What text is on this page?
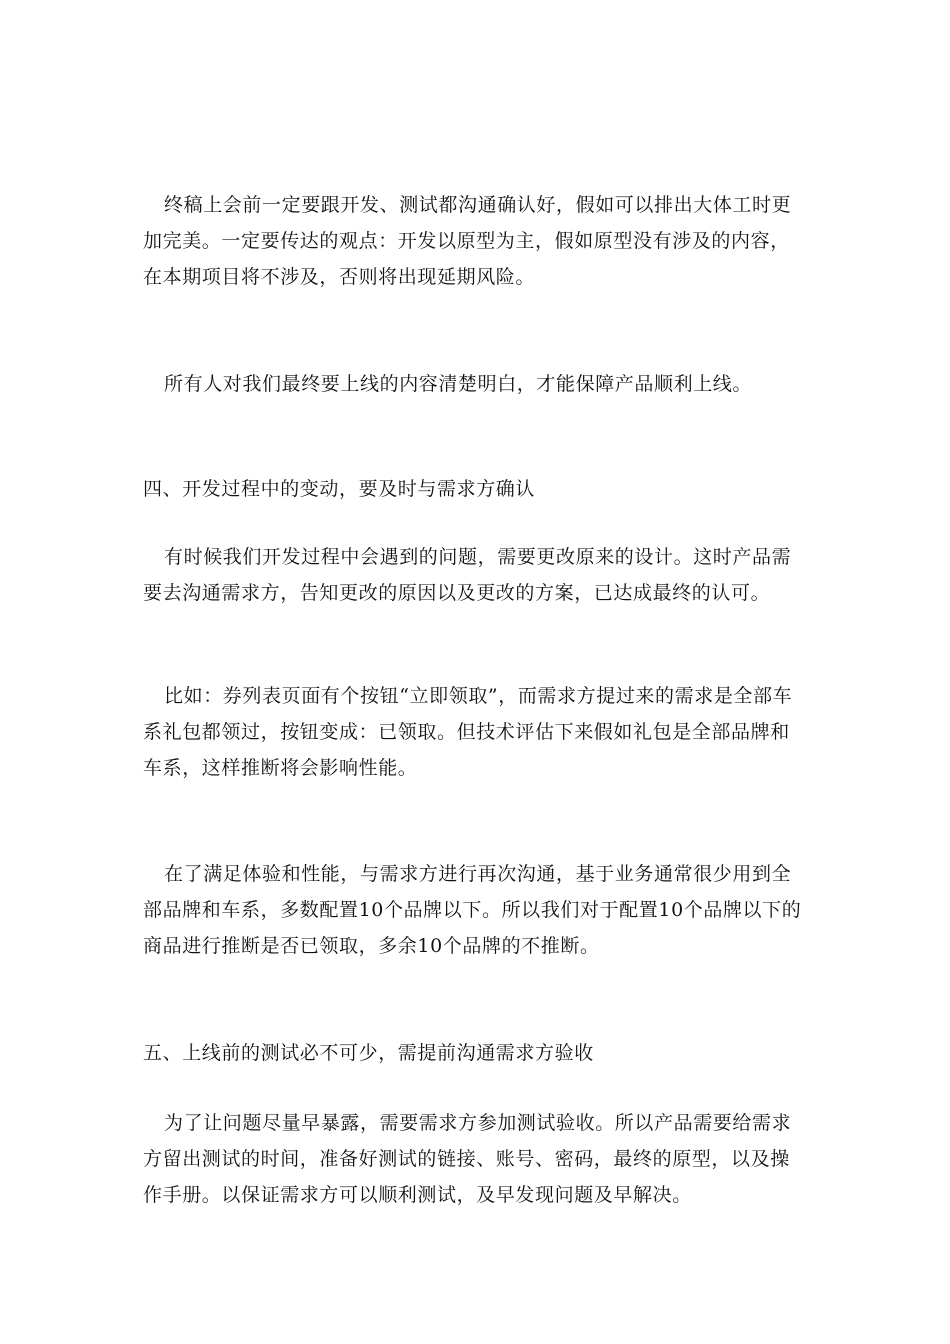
终稿上会前一定要跟开发、测试都沟通确认好，假如可以排出大体工时更加完美。一定要传达的观点：开发以原型为主，假如原型没有涉及的内容，在本期项目将不涉及，否则将出现延期风险。

所有人对我们最终要上线的内容清楚明白，才能保障产品顺利上线。

四、开发过程中的变动，要及时与需求方确认

有时候我们开发过程中会遇到的问题，需要更改原来的设计。这时产品需要去沟通需求方，告知更改的原因以及更改的方案，已达成最终的认可。

比如：券列表页面有个按钮“立即领取”，而需求方提过来的需求是全部车系礼包都领过，按钮变成：已领取。但技术评估下来假如礼包是全部品牌和车系，这样推断将会影响性能。

在了满足体验和性能，与需求方进行再次沟通，基于业务通常很少用到全部品牌和车系，多数配置10个品牌以下。所以我们对于配置10个品牌以下的商品进行推断是否已领取，多余10个品牌的不推断。

五、上线前的测试必不可少，需提前沟通需求方验收

为了让问题尽量早暴露，需要需求方参加测试验收。所以产品需要给需求方留出测试的时间，准备好测试的链接、账号、密码，最终的原型，以及操作手册。以保证需求方可以顺利测试，及早发现问题及早解决。
